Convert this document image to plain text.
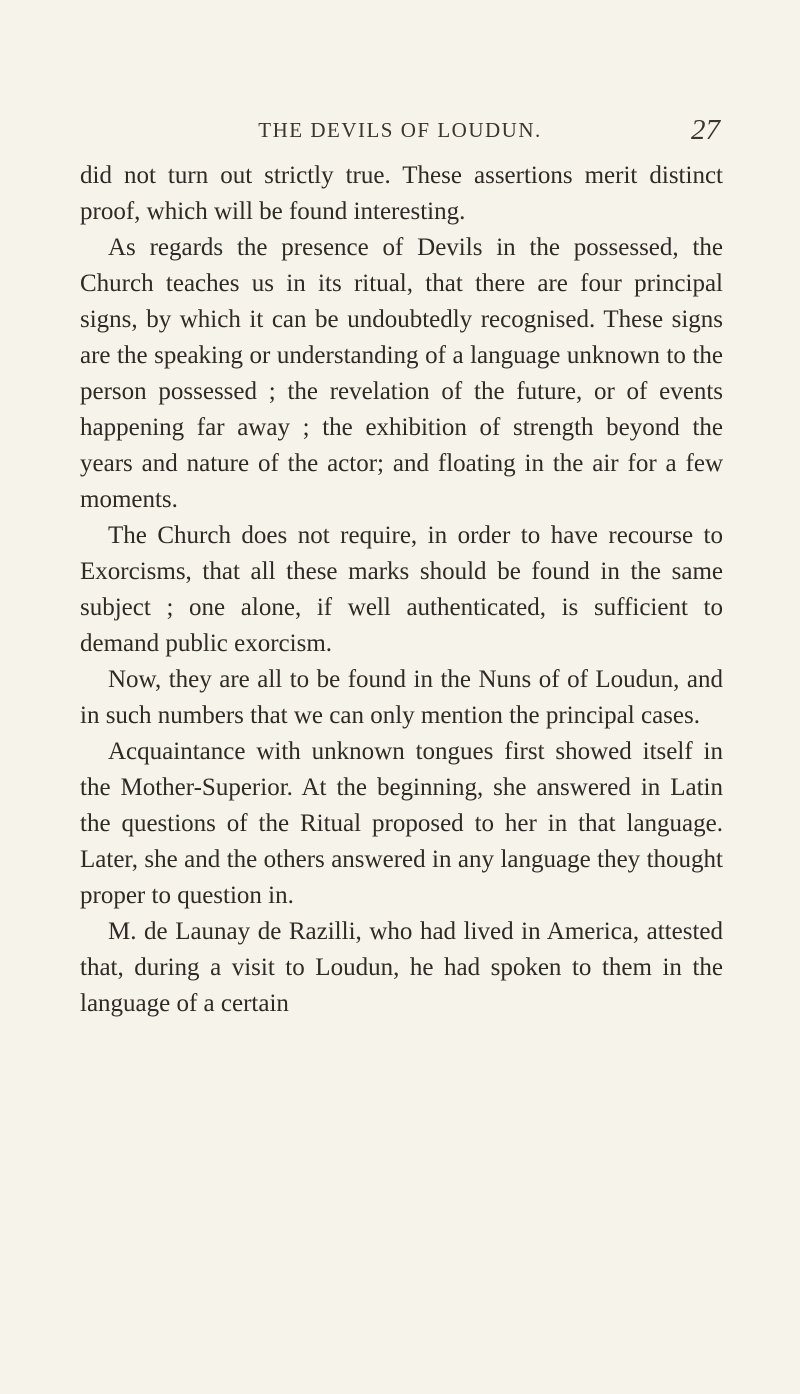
THE DEVILS OF LOUDUN.	27

did not turn out strictly true. These assertions merit distinct proof, which will be found interesting.

As regards the presence of Devils in the possessed, the Church teaches us in its ritual, that there are four principal signs, by which it can be undoubtedly recognised. These signs are the speaking or understanding of a language unknown to the person possessed ; the revelation of the future, or of events happening far away ; the exhibition of strength beyond the years and nature of the actor; and floating in the air for a few moments.

The Church does not require, in order to have recourse to Exorcisms, that all these marks should be found in the same subject ; one alone, if well authenticated, is sufficient to demand public exorcism.

Now, they are all to be found in the Nuns of of Loudun, and in such numbers that we can only mention the principal cases.

Acquaintance with unknown tongues first showed itself in the Mother-Superior. At the beginning, she answered in Latin the questions of the Ritual proposed to her in that language. Later, she and the others answered in any language they thought proper to question in.

M. de Launay de Razilli, who had lived in America, attested that, during a visit to Loudun, he had spoken to them in the language of a certain
